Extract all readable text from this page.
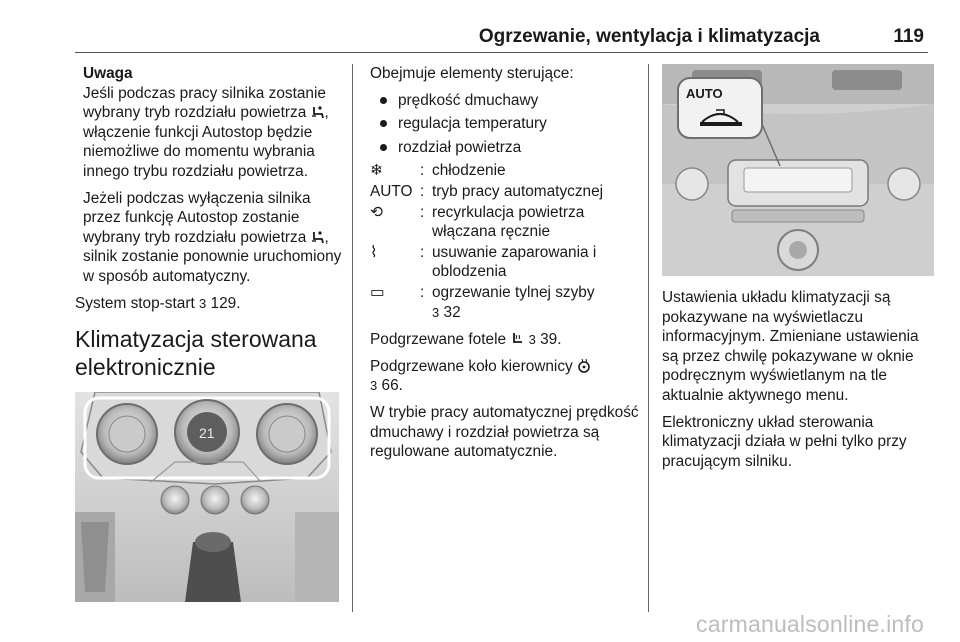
Ogrzewanie, wentylacja i klimatyzacja	119
Uwaga

Jeśli podczas pracy silnika zostanie wybrany tryb rozdziału powietrza , włączenie funkcji Autostop będzie niemożliwe do momentu wybrania innego trybu rozdziału powietrza.

Jeżeli podczas wyłączenia silnika przez funkcję Autostop zostanie wybrany tryb rozdziału powietrza , silnik zostanie ponownie uruchomiony w sposób automatyczny.

System stop-start 3 129.

Klimatyzacja sterowana elektronicznie
21

Obejmuje elementy sterujące:

prędkość dmuchawy
regulacja temperatury
rozdział powietrza
❄	: chłodzenie
AUTO : tryb pracy automatycznej
⟲	: recyrkulacja powietrza włączana ręcznie
⌇	: usuwanie zaparowania i oblodzenia
▭	: ogrzewanie tylnej szyby
3 32

Podgrzewane fotele 3 39.

Podgrzewane koło kierownicy
3 66.

W trybie pracy automatycznej prędkość dmuchawy i rozdział powietrza są regulowane automatycznie.

AUTO

Ustawienia układu klimatyzacji są pokazywane na wyświetlaczu informacyjnym. Zmieniane ustawienia są przez chwilę pokazywane w oknie podręcznym wyświetlanym na tle aktualnie aktywnego menu.

Elektroniczny układ sterowania klimatyzacji działa w pełni tylko przy pracującym silniku.

carmanualsonline.info
